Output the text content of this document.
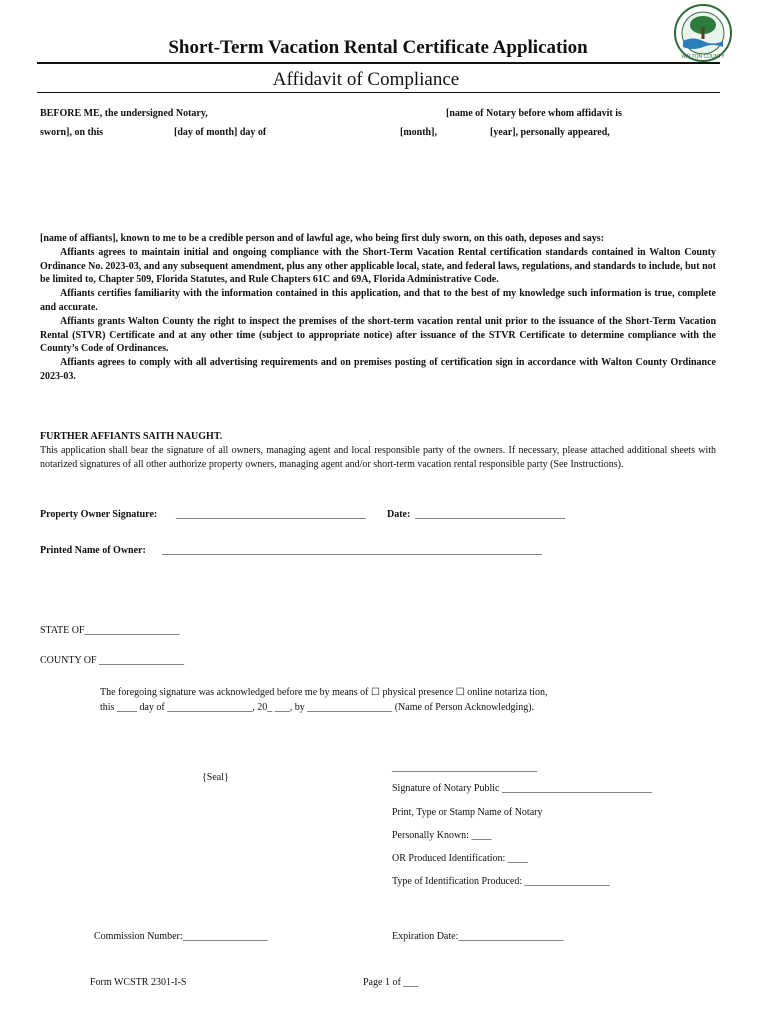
WALTON COUNTY
Short-Term Vacation Rental Certificate Application
Affidavit of Compliance
BEFORE ME, the undersigned Notary,	[name of Notary before whom affidavit is
sworn], on this	[day of month] day of	[month],	[year], personally appeared,
[name of affiants], known to me to be a credible person and of lawful age, who being first duly sworn, on this oath, deposes and says:
Affiants agrees to maintain initial and ongoing compliance with the Short-Term Vacation Rental certification standards contained in Walton County Ordinance No. 2023-03, and any subsequent amendment, plus any other applicable local, state, and federal laws, regulations, and standards to include, but not be limited to, Chapter 509, Florida Statutes, and Rule Chapters 61C and 69A, Florida Administrative Code.
Affiants certifies familiarity with the information contained in this application, and that to the best of my knowledge such information is true, complete and accurate.
Affiants grants Walton County the right to inspect the premises of the short-term vacation rental unit prior to the issuance of the Short-Term Vacation Rental (STVR) Certificate and at any other time (subject to appropriate notice) after issuance of the STVR Certificate to determine compliance with the County’s Code of Ordinances.
Affiants agrees to comply with all advertising requirements and on premises posting of certification sign in accordance with Walton County Ordinance 2023-03.
FURTHER AFFIANTS SAITH NAUGHT.
This application shall bear the signature of all owners, managing agent and local responsible party of the owners. If necessary, please attached additional sheets with notarized signatures of all other authorize property owners, managing agent and/or short-term vacation rental responsible party (See Instructions).
Property Owner Signature: ______________________________________ Date: ______________________________
Printed Name of Owner: ____________________________________________________________________________
STATE OF___________________
COUNTY OF _________________
The foregoing signature was acknowledged before me by means of ☐ physical presence ☐ online notariza tion,
this ____ day of _________________, 20_ ___, by _________________ (Name of Person Acknowledging).
{Seal}
_____________________________
Signature of Notary Public ______________________________
Print, Type or Stamp Name of Notary
Personally Known: ____
OR Produced Identification: ____
Type of Identification Produced: _________________
Commission Number:_________________	Expiration Date:_____________________
Form WCSTR 2301-I-S	Page 1 of ___
